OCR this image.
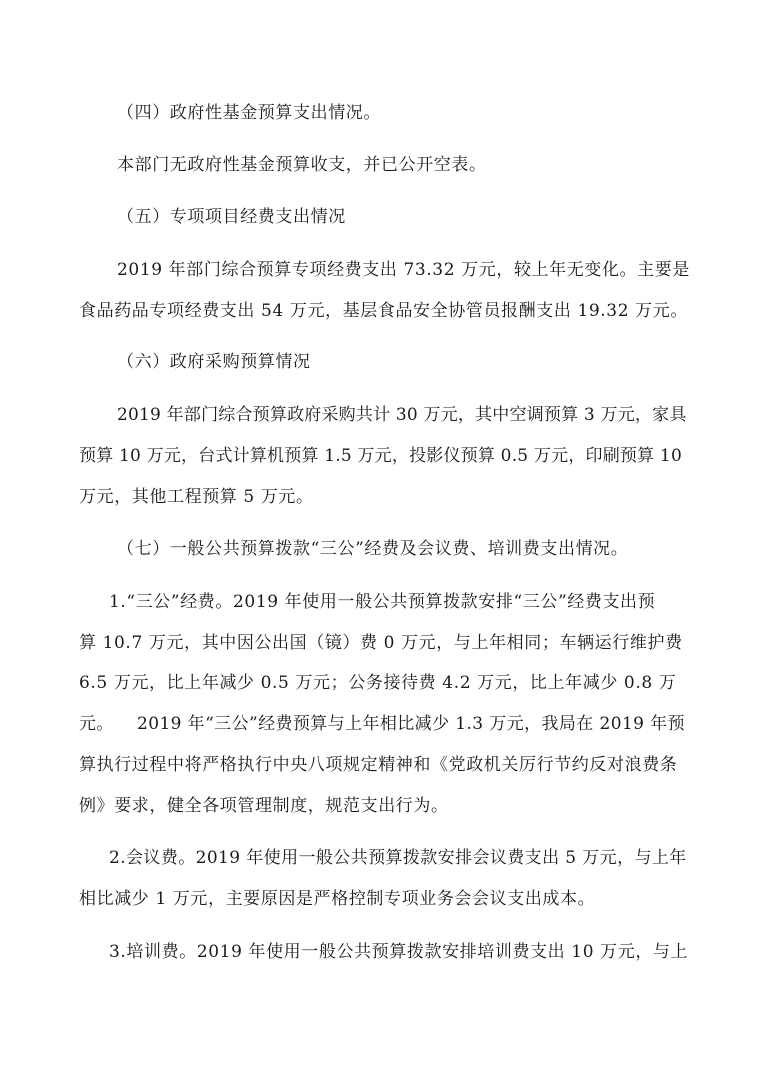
（四）政府性基金预算支出情况。
本部门无政府性基金预算收支，并已公开空表。
（五）专项项目经费支出情况
2019 年部门综合预算专项经费支出 73.32 万元，较上年无变化。主要是
食品药品专项经费支出 54 万元，基层食品安全协管员报酬支出 19.32 万元。
（六）政府采购预算情况
2019 年部门综合预算政府采购共计 30 万元，其中空调预算 3 万元，家具
预算 10 万元，台式计算机预算 1.5 万元，投影仪预算 0.5 万元，印刷预算 10
万元，其他工程预算 5 万元。
（七）一般公共预算拨款“三公”经费及会议费、培训费支出情况。
1.“三公”经费。2019 年使用一般公共预算拨款安排“三公”经费支出预
算 10.7 万元，其中因公出国（镜）费 0 万元，与上年相同；车辆运行维护费
6.5 万元，比上年减少 0.5 万元；公务接待费 4.2 万元，比上年减少 0.8 万
元。    2019 年“三公”经费预算与上年相比减少 1.3 万元，我局在 2019 年预
算执行过程中将严格执行中央八项规定精神和《党政机关厉行节约反对浪费条
例》要求，健全各项管理制度，规范支出行为。
2.会议费。2019 年使用一般公共预算拨款安排会议费支出 5 万元，与上年
相比减少 1 万元，主要原因是严格控制专项业务会会议支出成本。
3.培训费。2019 年使用一般公共预算拨款安排培训费支出 10 万元，与上
